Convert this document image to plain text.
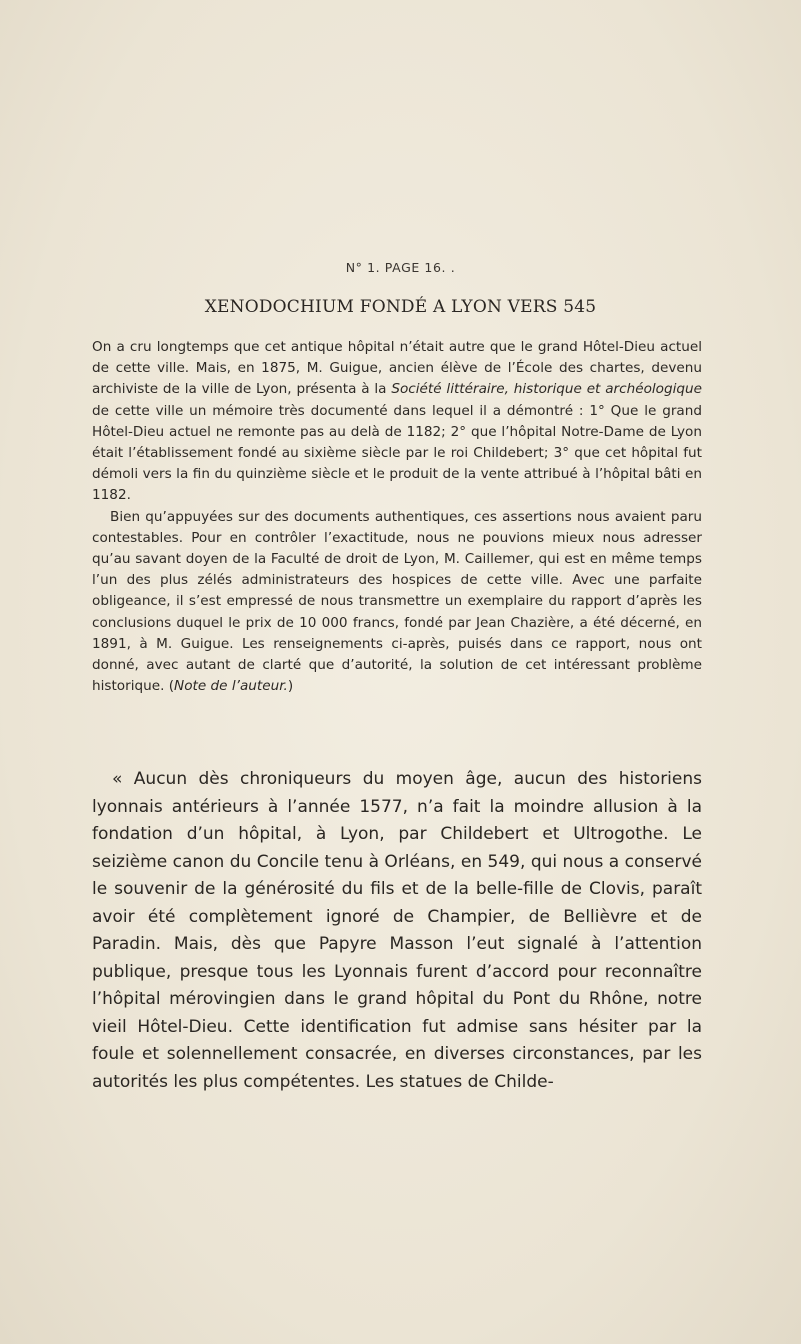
N° 1. PAGE 16. .
XENODOCHIUM FONDÉ A LYON VERS 545

On a cru longtemps que cet antique hôpital n’était autre que le grand Hôtel-Dieu actuel de cette ville. Mais, en 1875, M. Guigue, ancien élève de l’École des chartes, devenu archiviste de la ville de Lyon, présenta à la Société littéraire, historique et archéologique de cette ville un mémoire très documenté dans lequel il a démontré : 1° Que le grand Hôtel-Dieu actuel ne remonte pas au delà de 1182; 2° que l’hôpital Notre-Dame de Lyon était l’établissement fondé au sixième siècle par le roi Childebert; 3° que cet hôpital fut démoli vers la fin du quinzième siècle et le produit de la vente attribué à l’hôpital bâti en 1182.

Bien qu’appuyées sur des documents authentiques, ces assertions nous avaient paru contestables. Pour en contrôler l’exactitude, nous ne pouvions mieux nous adresser qu’au savant doyen de la Faculté de droit de Lyon, M. Caillemer, qui est en même temps l’un des plus zélés administrateurs des hospices de cette ville. Avec une parfaite obligeance, il s’est empressé de nous transmettre un exemplaire du rapport d’après les conclusions duquel le prix de 10 000 francs, fondé par Jean Chazière, a été décerné, en 1891, à M. Guigue. Les renseignements ci-après, puisés dans ce rapport, nous ont donné, avec autant de clarté que d’autorité, la solution de cet intéressant problème historique. (Note de l’auteur.)

« Aucun dès chroniqueurs du moyen âge, aucun des historiens lyonnais antérieurs à l’année 1577, n’a fait la moindre allusion à la fondation d’un hôpital, à Lyon, par Childebert et Ultrogothe. Le seizième canon du Concile tenu à Orléans, en 549, qui nous a conservé le souvenir de la générosité du fils et de la belle-fille de Clovis, paraît avoir été complètement ignoré de Champier, de Bellièvre et de Paradin. Mais, dès que Papyre Masson l’eut signalé à l’attention publique, presque tous les Lyonnais furent d’accord pour reconnaître l’hôpital mérovingien dans le grand hôpital du Pont du Rhône, notre vieil Hôtel-Dieu. Cette identification fut admise sans hésiter par la foule et solennellement consacrée, en diverses circonstances, par les autorités les plus compétentes. Les statues de Childe-
